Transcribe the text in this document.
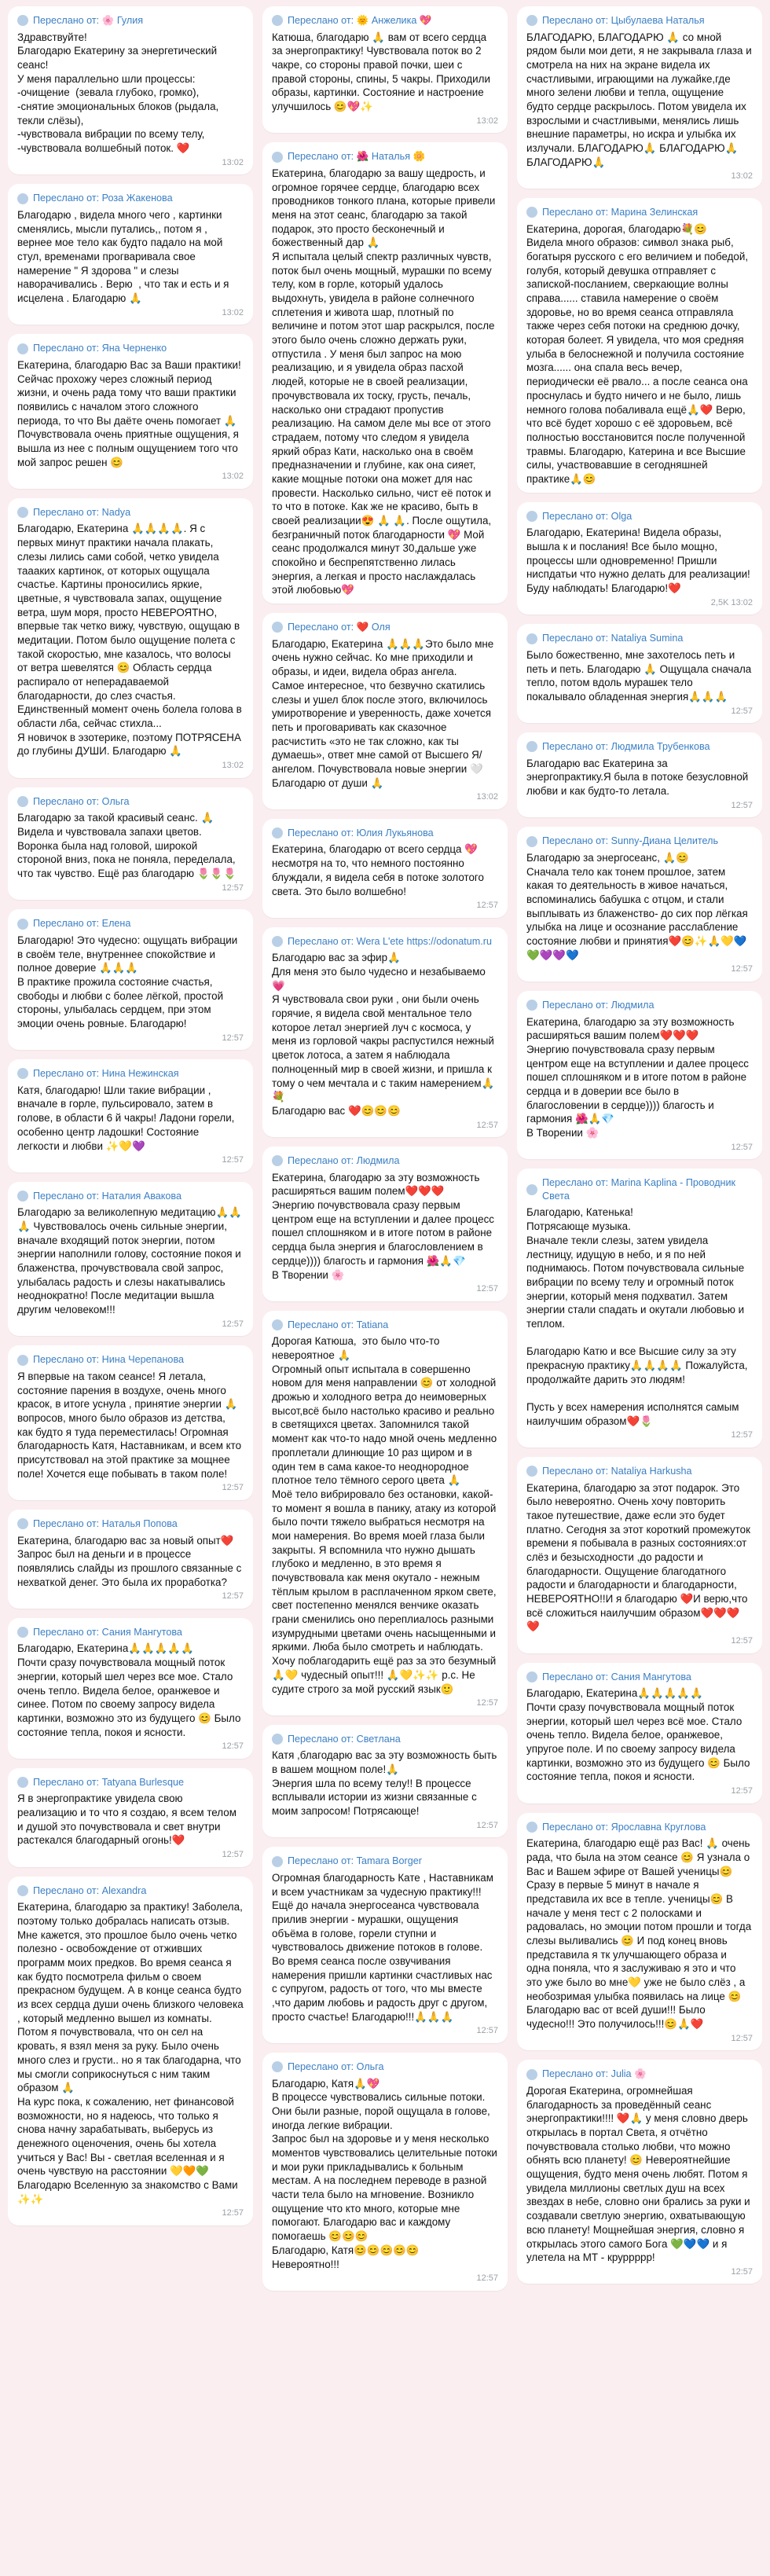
Переслано от: 🌸 Гулия
Здравствуйте!
Благодарю Екатерину за энергетический сеанс!
У меня параллельно шли процессы:
-очищение  (зевала глубоко, громко),
-снятие эмоциональных блоков (рыдала,  текли слёзы),
-чувствовала вибрации по всему телу,
-чувствовала волшебный поток. ❤️
13:02
Переслано от: Роза Жакенова
Благодарю , видела много чего , картинки сменялись, мысли путались,, потом я , вернее мое тело как будто падало на мой стул, временами прогваривала свое намерение " Я здорова " и слезы наворачивались . Верю  , что так и есть и я исцелена . Благодарю 🙏
13:02
Переслано от: Яна Черненко
Екатерина, благодарю Вас за Ваши практики! Сейчас прохожу через сложный период жизни, и очень рада тому что ваши практики появились с началом этого сложного периода, то что Вы даёте очень помогает 🙏 Почувствовала очень приятные ощущения, я вышла из нее с полным ощущением того что мой запрос решен 😊
13:02
Переслано от: Nadya
Благодарю, Екатерина 🙏🙏🙏🙏. Я с первых минут практики начала плакать, слезы лились сами собой, четко увидела таааких картинок, от которых ощущала счастье. Картины проносились яркие, цветные, я чувствовала запах, ощущение ветра, шум моря, просто НЕВЕРОЯТНО, впервые так четко вижу, чувствую, ощущаю в медитации. Потом было ощущение полета с такой скоростью, мне казалось, что волосы от ветра шевелятся 😊 Область сердца распирало от неперадаваемой благодарности, до слез счастья. Единственный момент очень болела голова в области лба, сейчас стихла...
Я новичок в эзотерике, поэтому ПОТРЯСЕНА до глубины ДУШИ. Благодарю 🙏
13:02
Переслано от: Ольга
Благодарю за такой красивый сеанс. 🙏 Видела и чувствовала запахи цветов. Воронка была над головой, широкой стороной вниз, пока не поняла, переделала, что так чувство. Ещё раз благодарю 🌷🌷🌷
12:57
Переслано от: Елена
Благодарю! Это чудесно: ощущать вибрации в своём теле, внутреннее спокойствие и полное доверие 🙏🙏🙏
В практике прожила состояние счастья, свободы и любви с более лёгкой, простой стороны, улыбалась сердцем, при этом эмоции очень ровные. Благодарю!
12:57
Переслано от: Нина Нежинская
Катя, благодарю! Шли такие вибрации , вначале в горле, пульсировало, затем в голове, в области 6 й чакры! Ладони горели, особенно центр ладошки! Состояние легкости и любви ✨💛💜
12:57
Переслано от: Наталия Авакова
Благодарю за великолепную медитацию🙏🙏🙏 Чувствовалось очень сильные энергии, вначале входящий поток энергии, потом энергии наполнили голову, состояние покоя и блаженства, прочувствовала свой запрос, улыбалась радость и слезы накатывались неоднократно! После медитации вышла другим человеком!!!
12:57
Переслано от: Нина Черепанова
Я впервые на таком сеансе! Я летала, состояние парения в воздухе, очень много красок, в итоге уснула , принятие энергии 🙏 вопросов, много было образов из детства, как будто я туда переместилась! Огромная благодарность Катя, Наставникам, и всем кто присутствовал на этой практике за мощнее поле! Хочется еще побывать в таком поле!
12:57
Переслано от: Наталья Попова
Екатерина, благодарю вас за новый опыт❤️
Запрос был на деньги и в процессе появлялись слайды из прошлого связанные с нехваткой денег. Это была их проработка?
12:57
Переслано от: Сания Мангутова
Благодарю, Екатерина🙏🙏🙏🙏🙏
Почти сразу почувствовала мощный поток энергии, который шел через все мое. Стало очень тепло. Видела белое, оранжевое и синее. Потом по своему запросу видела картинки, возможно это из будущего 😊 Было состояние тепла, покоя и ясности.
12:57
Переслано от: Tatyana Burlesque
Я в энергопрактике увидела свою реализацию и то что я создаю, я всем телом и душой это почувствовала и свет внутри растекался благодарный огонь!❤️
12:57
Переслано от: Alexandra
Екатерина, благодарю за практику! Заболела, поэтому только добралась написать отзыв. Мне кажется, это прошлое было очень четко полезно - освобождение от отживших программ моих предков. Во время сеанса я как будто посмотрела фильм о своем прекрасном будущем. А в конце сеанса будто из всех сердца души очень близкого человека , который медленно вышел из комнаты. Потом я почувствовала, что он сел на кровать, я взял меня за руку. Было очень много слез и грусти.. но я так благодарна, что мы смогли соприкоснуться с ним таким образом 🙏
На курс пока, к сожалению, нет финансовой возможности, но я надеюсь, что только я снова начну зарабатывать, выберусь из денежного оценочения, очень бы хотела учиться у Вас! Вы - светлая вселенная и я очень чувствую на расстоянии 💛🧡💚
Благодарю Вселенную за знакомство с Вами ✨✨
12:57
Переслано от: 🌞 Анжелика 💖
Катюша, благодарю 🙏 вам от всего сердца за энергопрактику! Чувствовала поток во 2 чакре, со стороны правой почки, шеи с правой стороны, спины, 5 чакры. Приходили образы, картинки. Состояние и настроение улучшилось 😊💖✨
13:02
Переслано от: 🌺 Наталья 🌼
Екатерина, благодарю за вашу щедрость, и огромное горячее сердце, благодарю всех проводников тонкого плана, которые привели меня на этот сеанс, благодарю за такой подарок, это просто бесконечный и божественный дар 🙏
Я испытала целый спектр различных чувств, поток был очень мощный, мурашки по всему телу, ком в горле, который удалось выдохнуть, увидела в районе солнечного сплетения и живота шар, плотный по величине и потом этот шар раскрылся, после этого было очень сложно держать руки, отпустила . У меня был запрос на мою реализацию, и я увидела образ пасхой людей, которые не в своей реализации, прочувствовала их тоску, грусть, печаль, насколько они страдают пропустив реализацию. На самом деле мы все от этого страдаем, потому что следом я увидела яркий образ Кати, насколько она в своём предназначении и глубине, как она сияет, какие мощные потоки она может для нас провести. Насколько сильно, чист её поток и то что в потоке. Как же не красиво, быть в своей реализации😍 🙏 🙏. После ощутила, безграничный поток благодарности 💖 Мой сеанс продолжался минут 30,дальше уже спокойно и беспрепятственно лилась энергия, а легкая и просто наслаждалась этой любовью💖
Переслано от: ❤️ Оля
Благодарю, Екатерина 🙏🙏🙏Это было мне очень нужно сейчас. Ко мне приходили и образы, и идеи, видела образ ангела.
Самое интересное, что безвучно скатились слезы и ушел блок после этого, включилось умиротворение и уверенность, даже хочется петь и проговаривать как сказочное расчистить «это не так сложно, как ты думаешь», ответ мне самой от Высшего Я/ ангелом. Почувствовала новые энергии 🤍 Благодарю от души 🙏
13:02
Переслано от: Юлия Лукьянова
Екатерина, благодарю от всего сердца 💖 несмотря на то, что немного постоянно блуждали, я видела себя в потоке золотого света. Это было волшебно!
12:57
Переслано от: Wera L'ete https://odonatum.ru
Благодарю вас за эфир🙏
Для меня это было чудесно и незабываемо💗
Я чувствовала свои руки , они были очень горячие, я видела свой ментальное тело которое летал энергией луч с космоса, у меня из горловой чакры распустился нежный цветок лотоса, а затем я наблюдала полноценный мир в своей жизни, и пришла к тому о чем мечтала и с таким намерением🙏💐
Благодарю вас ❤️😊😊😊
12:57
Переслано от: Людмила
Екатерина, благодарю за эту возможность расширяться вашим полем❤️❤️❤️
Энергию почувствовала сразу первым центром еще на вступлении и далее процесс пошел сплошняком и в итоге потом в районе сердца была энергия и благословлением в сердце)))) благость и гармония 🌺🙏💎
В Творении 🌸
12:57
Переслано от: Tatiana
Дорогая Катюша,  это было что-то невероятное 🙏
Огромный опыт испытала в совершенно новом для меня направлении 😊 от холодной дрожью и холодного ветра до неимоверных высот,всё было настолько красиво и реально в светящихся цветах. Запомнился такой момент как что-то надо мной очень медленно проплетали длинющие 10 раз щиром и в один тем в сама какое-то неоднородное плотное тело тёмного серого цвета 🙏
Моё тело вибрировало без остановки, какой-то момент я вошла в панику, атаку из которой было почти тяжело выбраться несмотря на мои намерения. Во время моей глаза были закрыты. Я вспомнила что нужно дышать глубоко и медленно, в это время я почувствовала как меня окутало - нежным тёплым крылом в расплаченном ярком свете, свет постепенно менялся венчике оказать грани сменились оно переплиалось разными изумрудными цветами очень насыщенными и яркими. Люба было смотреть и наблюдать. Хочу поблагодарить ещё раз за это безумный🙏💛 чудесный опыт!!! 🙏💛✨✨ р.с. Не судите строго за мой русский язык🙂
12:57
Переслано от: Светлана
Катя ,благодарю вас за эту возможность быть в вашем мощном поле!🙏
Энергия шла по всему телу!! В процессе всплывали истории из жизни связанные с моим запросом! Потрясающе!
12:57
Переслано от: Tamara Borger
Огромная благодарность Кате , Наставникам и всем участникам за чудесную практику!!! Ещё до начала энергосеанса чувствовала прилив энергии - мурашки, ощущения объёма в голове, горели ступни и чувствовалось движение потоков в голове. Во время сеанса после озвучивания намерения пришли картинки счастливых нас с супругом, радость от того, что мы вместе ,что дарим любовь и радость друг с другом, просто счастье! Благодарю!!!🙏🙏🙏
12:57
Переслано от: Ольга
Благодарю, Катя🙏💖
В процессе чувствовались сильные потоки. Они были разные, порой ощущала в голове, иногда легкие вибрации.
Запрос был на здоровье и у меня несколько моментов чувствовались целительные потоки и мои руки прикладывались к больным местам. А на последнем переводе в разной части тела было на мгновение. Возникло ощущение что кто много, которые мне помогают. Благодарю вас и каждому помогаешь 😊😊😊
Благодарю, Катя😊😊😊😊😊
Невероятно!!!
12:57
Переслано от: Цыбулаева Наталья
БЛАГОДАРЮ, БЛАГОДАРЮ 🙏 со мной рядом были мои дети, я не закрывала глаза и смотрела на них на экране видела их счастливыми, играющими на лужайке,где много зелени любви и тепла, ощущение будто сердце раскрылось. Потом увидела их взрослыми и счастливыми, менялись лишь внешние параметры, но искра и улыбка их излучали. БЛАГОДАРЮ🙏 БЛАГОДАРЮ🙏 БЛАГОДАРЮ🙏
13:02
Переслано от: Марина Зелинская
Екатерина, дорогая, благодарю💐😊
Видела много образов: символ знака рыб, богатыря русского с его величием и победой, голубя, который девушка отправляет с запиской-посланием, сверкающие волны справа...... ставила намерение о своём здоровье, но во время сеанса отправляла также через себя потоки на среднюю дочку, которая болеет. Я увидела, что моя средняя улыба в белоснежной и получила состояние мозга...... она спала весь вечер, периодически её рвало... а после сеанса она проснулась и будто ничего и не было, лишь немного голова побаливала ещё🙏❤️ Верю, что всё будет хорошо с её здоровьем, всё полностью восстановится после полученной травмы. Благодарю, Катерина и все Высшие силы, участвовавшие в сегодняшней практике🙏😊
Переслано от: Olga
Благодарю, Екатерина! Видела образы, вышла к и послания! Все было мощно, процессы шли одновременно! Пришли ниспдатьи что нужно делать для реализации! Буду наблюдать! Благодарю!❤️
2,5K 13:02
Переслано от: Nataliya Sumina
Было божественно, мне захотелось петь и петь и петь. Благодарю 🙏 Ощущала сначала тепло, потом вдоль мурашек тело покалывало обладенная энергия🙏🙏🙏
12:57
Переслано от: Людмила Трубенкова
Благодарю вас Екатерина за энергопрактику.Я была в потоке безусловной любви и как будто-то летала.
12:57
Переслано от: Sunny-Диана Целитель
Благодарю за энергосеанс, 🙏😊
Сначала тело как тонем прошлое, затем какая то деятельность в живое начаться, вспоминались бабушка с отцом, и стали выплывать из блаженство- до сих пор лёгкая улыбка на лице и осознание расслабление состояние любви и принятия❤️😊✨🙏💛💙💚💜💜💙
12:57
Переслано от: Людмила
Екатерина, благодарю за эту возможность расширяться вашим полем❤️❤️❤️
Энергию почувствовала сразу первым центром еще на вступлении и далее процесс пошел сплошняком и в итоге потом в районе сердца и в доверии все было в благословении в сердце)))) благость и гармония 🌺🙏💎
В Творении 🌸
12:57
Переслано от: Marina Kaplina - Проводник Света
Благодарю, Катенька!
Потрясающе музыка.
Вначале текли слезы, затем увидела лестницу, идущую в небо, и я по ней поднимаюсь. Потом почувствовала сильные вибрации по всему телу и огромный поток энергии, который меня подхватил. Затем энергии стали спадать и окутали любовью и теплом.

Благодарю Катю и все Высшие силу за эту прекрасную практику🙏🙏🙏🙏 Пожалуйста, продолжайте дарить это людям!

Пусть у всех намерения исполнятся самым наилучшим образом❤️🌷
12:57
Переслано от: Nataliya Harkusha
Екатерина, благодарю за этот подарок. Это было невероятно. Очень хочу повторить такое путешествие, даже если это будет платно. Сегодня за этот короткий промежуток времени я побывала в разных состояниях:от слёз и безысходности ,до радости и благодарности. Ощущение благодатного радости и благодарности и благодарности, НЕВЕРОЯТНО!!И я благодарю ❤️И верю,что всё сложиться наилучшим образом❤️❤️❤️❤️
12:57
Переслано от: Сания Мангутова
Благодарю, Екатерина🙏🙏🙏🙏🙏
Почти сразу почувствовала мощный поток энергии, который шел через всё мое. Стало очень тепло. Видела белое, оранжевое, упругое поле. И по своему запросу видела картинки, возможно это из будущего 😊 Было состояние тепла, покоя и ясности.
12:57
Переслано от: Ярославна Круглова
Екатерина, благодарю ещё раз Вас! 🙏 очень рада, что была на этом сеансе 😊 Я узнала о Вас и Вашем эфире от Вашей ученицы😊 Сразу в первые 5 минут в начале я представила их все в тепле. ученицы😊 В начале у меня тест с 2 полосками и радовалась, но эмоции потом прошли и тогда слезы выливались 😊 И под конец вновь представила я тк улучшающего образа и одна поняла, что я заслуживаю я это и что это уже было во мне💛 уже не было слёз , а необозримая улыбка появилась на лице 😊 Благодарю вас от всей души!!! Было чудесно!!! Это получилось!!!😊🙏❤️
12:57
Переслано от: Julia 🌸
Дорогая Екатерина, огромнейшая благодарность за проведённый сеанс энергопрактики!!!! ❤️🙏 у меня словно дверь открылась в портал Света, я отчётно почувствовала столько любви, что можно обнять всю планету! 😊 Невероятнейшие ощущения, будто меня очень любят. Потом я увидела миллионы светлых душ на всех звездах в небе, словно они брались за руки и создавали светлую энергию, охватывающую всю планету! Мощнейшая энергия, словно я открылась этого самого Бога 💚💙💙 и я улетела на МТ - круррррр!
12:57
